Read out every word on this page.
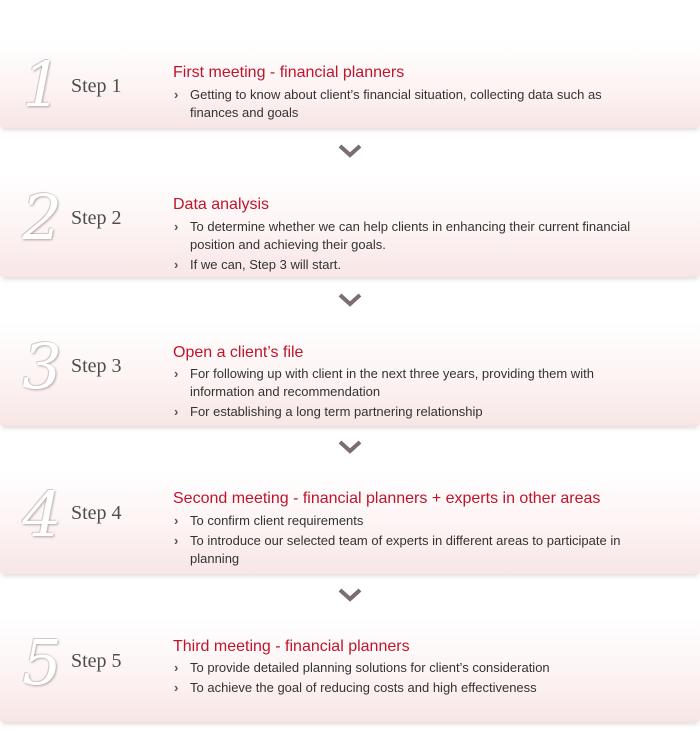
1 Step 1
First meeting - financial planners
› Getting to know about client’s financial situation, collecting data such as finances and goals
2 Step 2
Data analysis
› To determine whether we can help clients in enhancing their current financial position and achieving their goals.
› If we can, Step 3 will start.
3 Step 3
Open a client’s file
› For following up with client in the next three years, providing them with information and recommendation
› For establishing a long term partnering relationship
4 Step 4
Second meeting - financial planners + experts in other areas
› To confirm client requirements
› To introduce our selected team of experts in different areas to participate in planning
5 Step 5
Third meeting - financial planners
› To provide detailed planning solutions for client’s consideration
› To achieve the goal of reducing costs and high effectiveness
